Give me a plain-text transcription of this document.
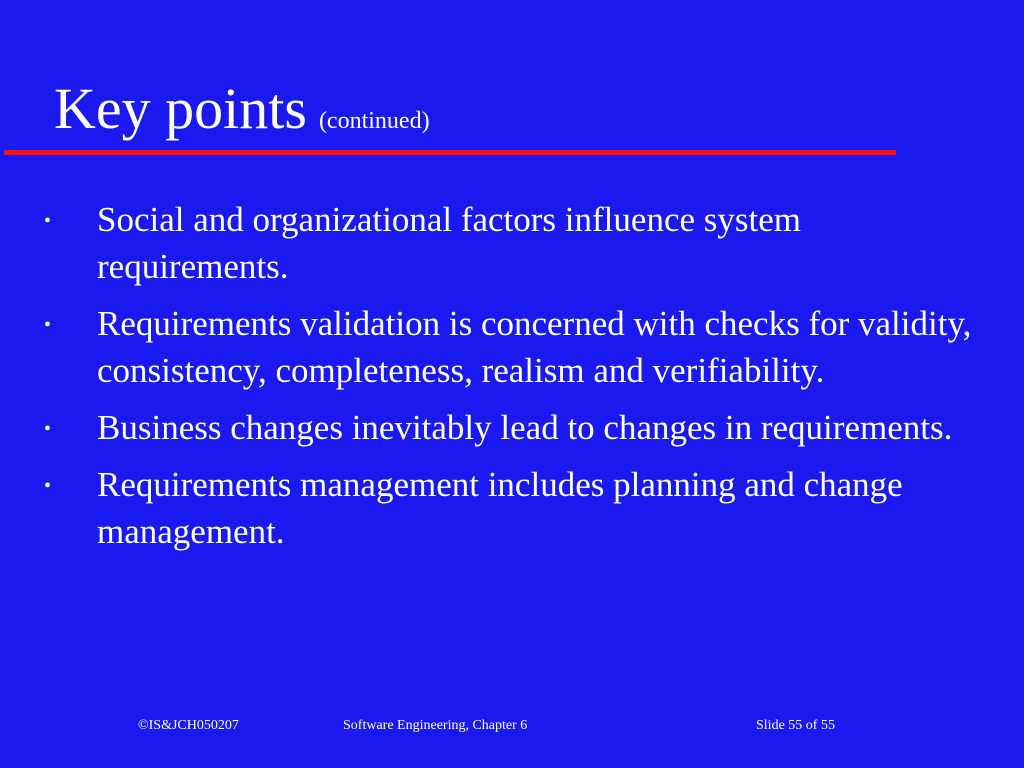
Key points (continued)
• Social and organizational factors influence system requirements.
• Requirements validation is concerned with checks for validity, consistency, completeness, realism and verifiability.
• Business changes inevitably lead to changes in requirements.
• Requirements management includes planning and change management.
©IS&JCH050207	Software Engineering, Chapter 6	Slide 55 of 55
